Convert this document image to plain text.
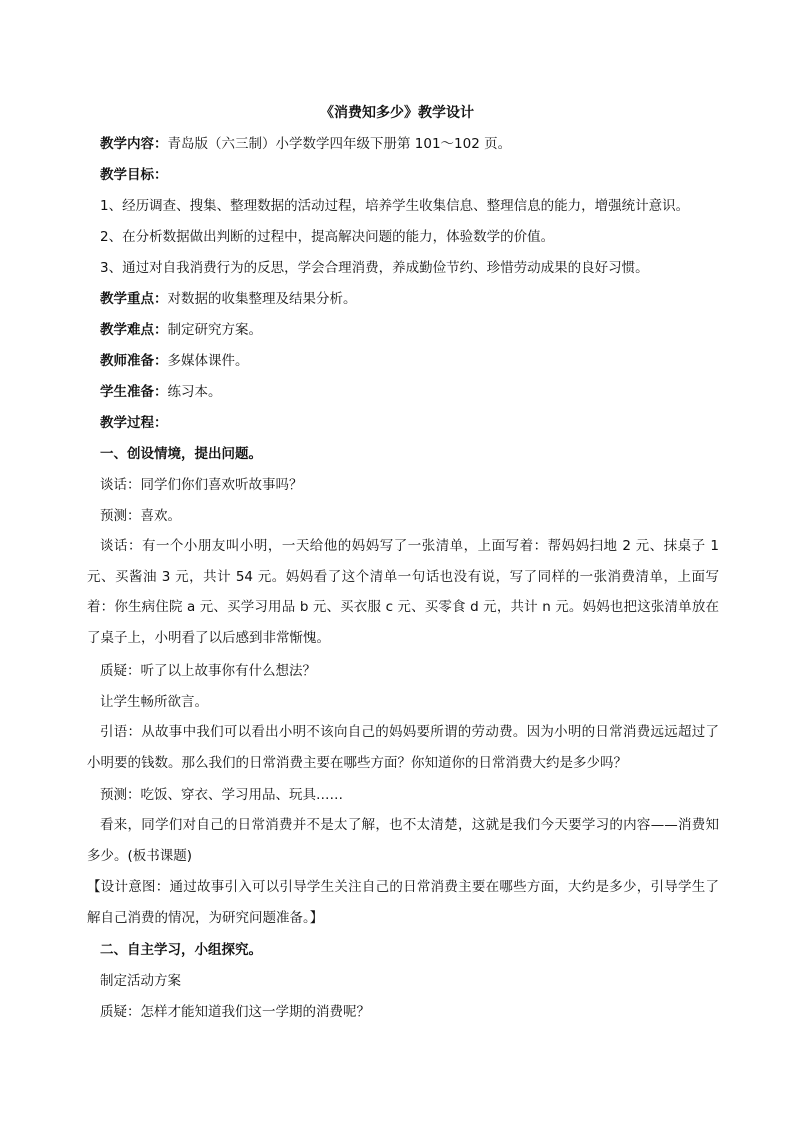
《消费知多少》教学设计
教学内容：青岛版（六三制）小学数学四年级下册第 101～102 页。
教学目标：
1、经历调查、搜集、整理数据的活动过程，培养学生收集信息、整理信息的能力，增强统计意识。
2、在分析数据做出判断的过程中，提高解决问题的能力，体验数学的价值。
3、通过对自我消费行为的反思，学会合理消费，养成勤俭节约、珍惜劳动成果的良好习惯。
教学重点：对数据的收集整理及结果分析。
教学难点：制定研究方案。
教师准备：多媒体课件。
学生准备：练习本。
教学过程：
一、创设情境，提出问题。
谈话：同学们你们喜欢听故事吗？
预测：喜欢。
谈话：有一个小朋友叫小明，一天给他的妈妈写了一张清单，上面写着：帮妈妈扫地 2 元、抹桌子 1 元、买酱油 3 元，共计 54 元。妈妈看了这个清单一句话也没有说，写了同样的一张消费清单，上面写着：你生病住院 a 元、买学习用品 b 元、买衣服 c 元、买零食 d 元，共计 n 元。妈妈也把这张清单放在了桌子上，小明看了以后感到非常惭愧。
质疑：听了以上故事你有什么想法？
让学生畅所欲言。
引语：从故事中我们可以看出小明不该向自己的妈妈要所谓的劳动费。因为小明的日常消费远远超过了小明要的钱数。那么我们的日常消费主要在哪些方面？你知道你的日常消费大约是多少吗？
预测：吃饭、穿衣、学习用品、玩具……
看来，同学们对自己的日常消费并不是太了解，也不太清楚，这就是我们今天要学习的内容——消费知多少。(板书课题)
【设计意图：通过故事引入可以引导学生关注自己的日常消费主要在哪些方面，大约是多少，引导学生了解自己消费的情况，为研究问题准备。】
二、自主学习，小组探究。
制定活动方案
质疑：怎样才能知道我们这一学期的消费呢？
